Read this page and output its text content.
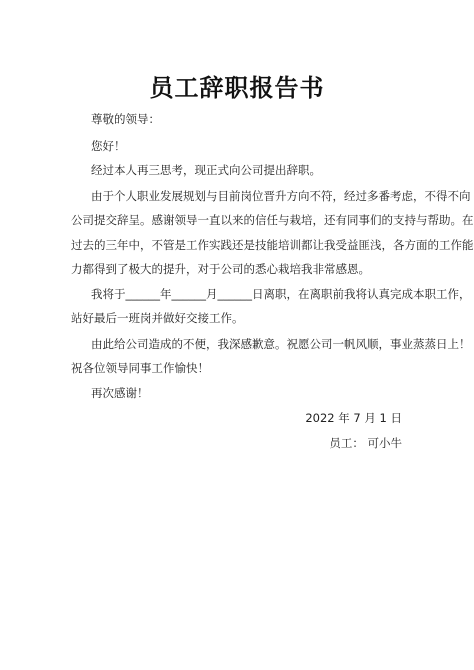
员工辞职报告书
尊敬的领导：
您好！
经过本人再三思考，现正式向公司提出辞职。
由于个人职业发展规划与目前岗位晋升方向不符，经过多番考虑，不得不向
公司提交辞呈。感谢领导一直以来的信任与栽培，还有同事们的支持与帮助。在
过去的三年中，不管是工作实践还是技能培训都让我受益匪浅，各方面的工作能
力都得到了极大的提升，对于公司的悉心栽培我非常感恩。
我将于______年______月______日离职，在离职前我将认真完成本职工作，
站好最后一班岗并做好交接工作。
由此给公司造成的不便，我深感歉意。祝愿公司一帆风顺，事业蒸蒸日上！
祝各位领导同事工作愉快！
再次感谢！
2022 年 7 月 1 日
员工： 可小牛
